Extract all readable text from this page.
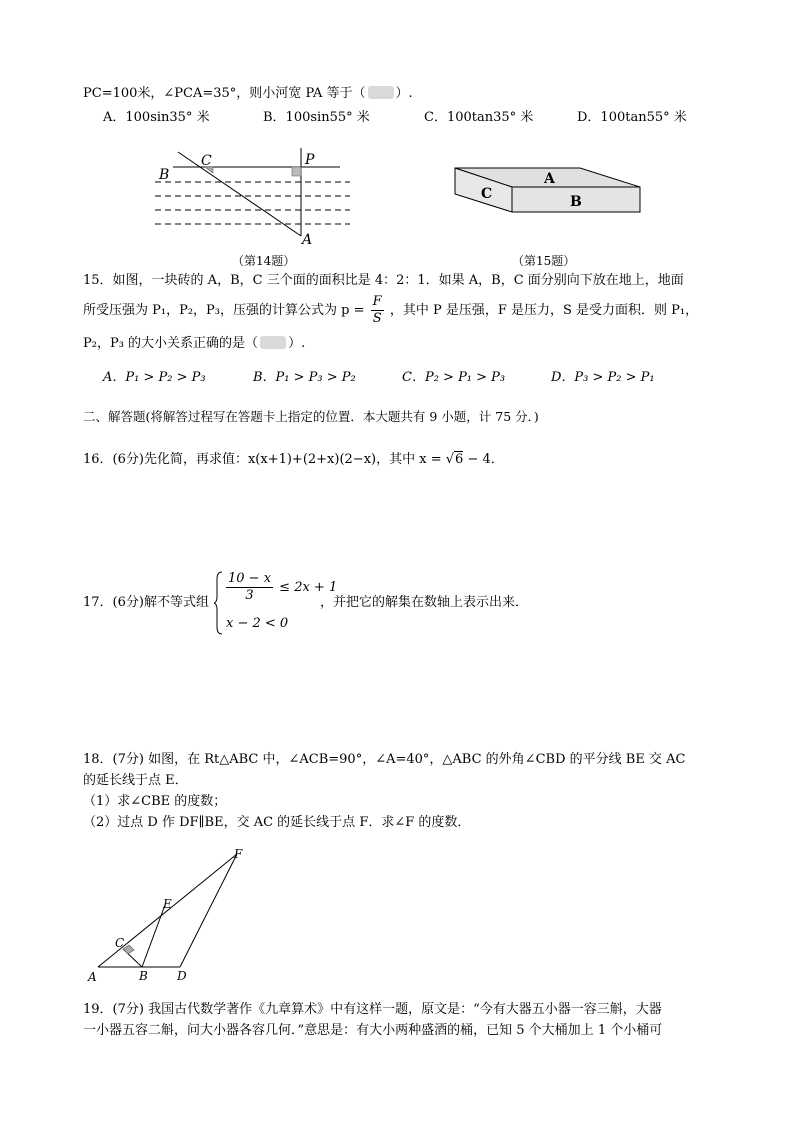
PC=100米，∠PCA=35°，则小河宽 PA 等于（ ）.
A．100sin35° 米	B．100sin55° 米	C．100tan35° 米	D．100tan55° 米
C	P
B
A
（第14题）
A
C	B
（第15题）
15．如图，一块砖的 A，B，C 三个面的面积比是 4：2：1．如果 A，B，C 面分别向下放在地上，地面
所受压强为 P₁，P₂，P₃，压强的计算公式为 $p = \frac{F}{S}$ ，其中 P 是压强，F 是压力，S 是受力面积．则 P₁，
P₂，P₃ 的大小关系正确的是（ ）.
A．P₁ > P₂ > P₃	B．P₁ > P₃ > P₂	C．P₂ > P₁ > P₃	D．P₃ > P₂ > P₁
二、解答题(将解答过程写在答题卡上指定的位置．本大题共有 9 小题，计 75 分．)
16．(6分)先化简，再求值：x(x+1)+(2+x)(2−x)，其中 x = √6 − 4．
17．(6分)解不等式组 $\frac{10 - x}{3} \le 2x + 1$
x − 2 < 0
，并把它的解集在数轴上表示出来．
18．(7分) 如图，在 Rt△ABC 中，∠ACB=90°，∠A=40°，△ABC 的外角∠CBD 的平分线 BE 交 AC
的延长线于点 E．
（1）求∠CBE 的度数；
（2）过点 D 作 DF∥BE，交 AC 的延长线于点 F．求∠F 的度数．
A
C
B D
E
F
19．(7分) 我国古代数学著作《九章算术》中有这样一题，原文是：“今有大器五小器一容三斛，大器
一小器五容二斛，问大小器各容几何．”意思是：有大小两种盛酒的桶，已知 5 个大桶加上 1 个小桶可
